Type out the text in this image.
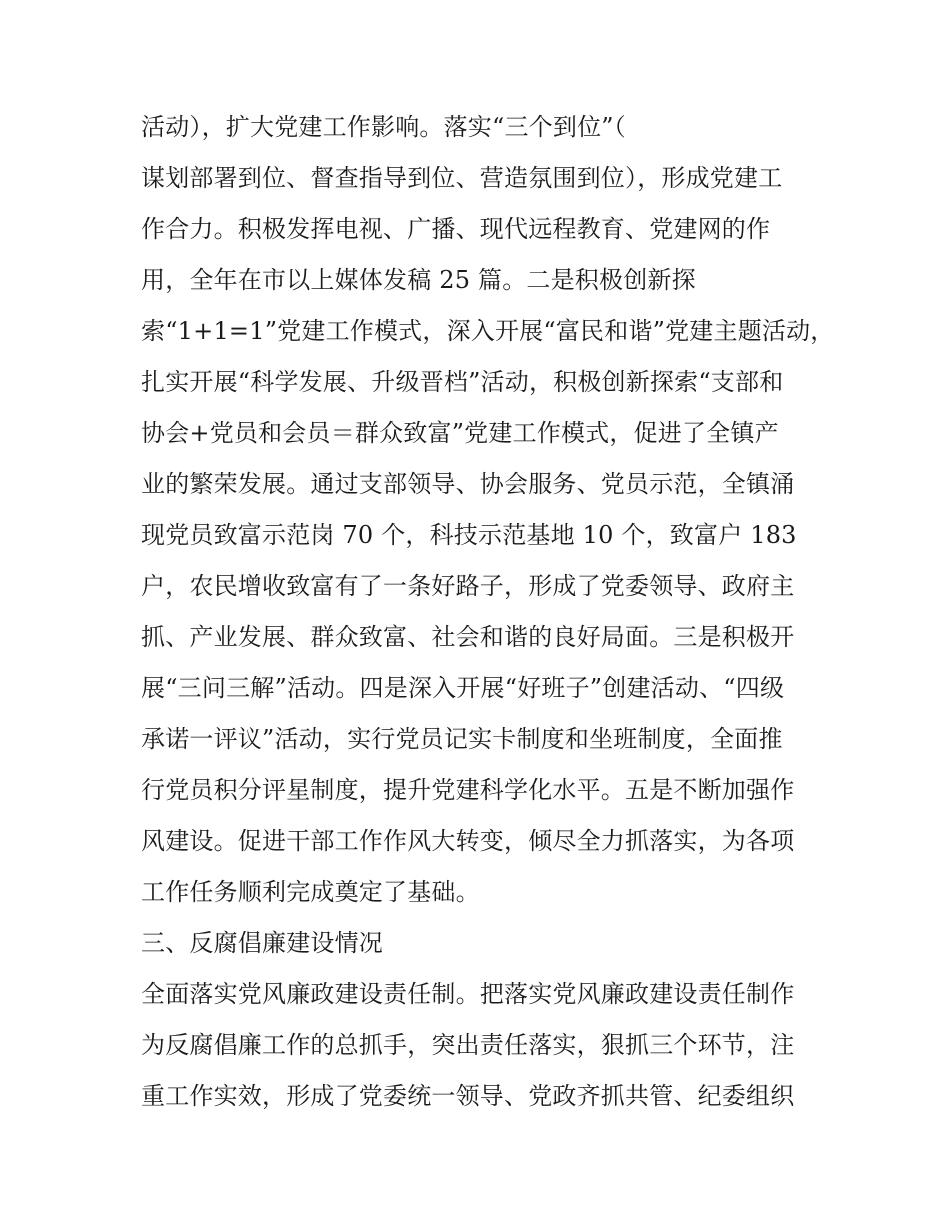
活动），扩大党建工作影响。落实“三个到位”（
谋划部署到位、督查指导到位、营造氛围到位），形成党建工
作合力。积极发挥电视、广播、现代远程教育、党建网的作
用，全年在市以上媒体发稿 25 篇。二是积极创新探
索“1+1=1”党建工作模式，深入开展“富民和谐”党建主题活动，
扎实开展“科学发展、升级晋档”活动，积极创新探索“支部和
协会+党员和会员＝群众致富”党建工作模式，促进了全镇产
业的繁荣发展。通过支部领导、协会服务、党员示范，全镇涌
现党员致富示范岗 70 个，科技示范基地 10 个，致富户 183
户，农民增收致富有了一条好路子，形成了党委领导、政府主
抓、产业发展、群众致富、社会和谐的良好局面。三是积极开
展“三问三解”活动。四是深入开展“好班子”创建活动、“四级
承诺一评议”活动，实行党员记实卡制度和坐班制度，全面推
行党员积分评星制度，提升党建科学化水平。五是不断加强作
风建设。促进干部工作作风大转变，倾尽全力抓落实，为各项
工作任务顺利完成奠定了基础。
三、反腐倡廉建设情况
全面落实党风廉政建设责任制。把落实党风廉政建设责任制作
为反腐倡廉工作的总抓手，突出责任落实，狠抓三个环节，注
重工作实效，形成了党委统一领导、党政齐抓共管、纪委组织
